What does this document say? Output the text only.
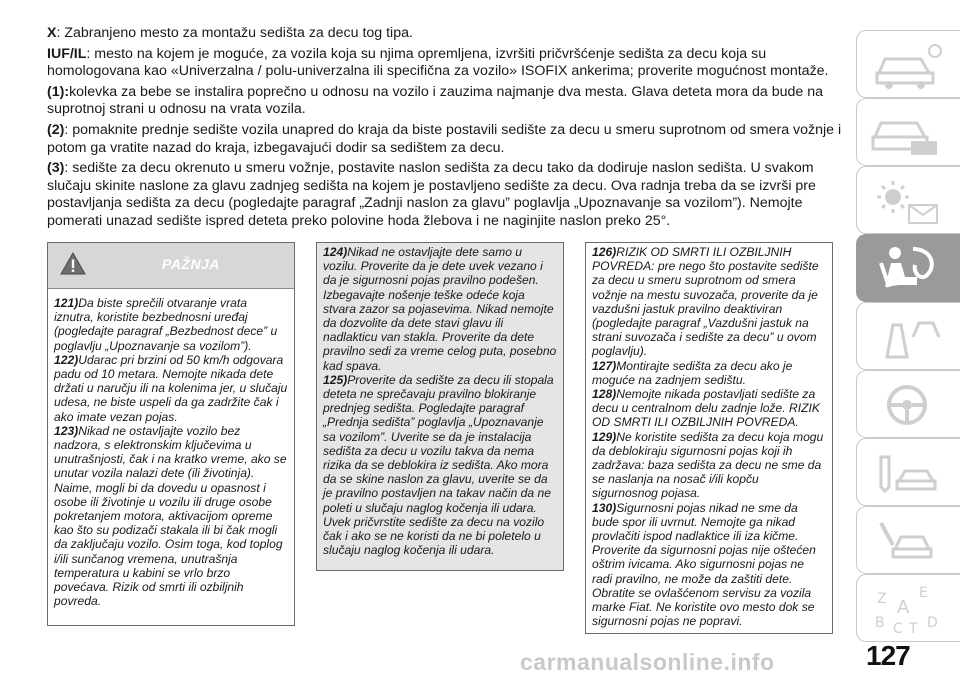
X: Zabranjeno mesto za montažu sedišta za decu tog tipa.

IUF/IL: mesto na kojem je moguće, za vozila koja su njima opremljena, izvršiti pričvršćenje sedišta za decu koja su homologovana kao «Univerzalna / polu-univerzalna ili specifična za vozilo» ISOFIX ankerima; proverite mogućnost montaže.

(1):kolevka za bebe se instalira poprečno u odnosu na vozilo i zauzima najmanje dva mesta. Glava deteta mora da bude na suprotnoj strani u odnosu na vrata vozila.

(2): pomaknite prednje sedište vozila unapred do kraja da biste postavili sedište za decu u smeru suprotnom od smera vožnje i potom ga vratite nazad do kraja, izbegavajući dodir sa sedištem za decu.

(3): sedište za decu okrenuto u smeru vožnje, postavite naslon sedišta za decu tako da dodiruje naslon sedišta. U svakom slučaju skinite naslone za glavu zadnjeg sedišta na kojem je postavljeno sedište za decu. Ova radnja treba da se izvrši pre postavljanja sedišta za decu (pogledajte paragraf „Zadnji naslon za glavu” poglavlja „Upoznavanje sa vozilom”). Nemojte pomerati unazad sedište ispred deteta preko polovine hoda žlebova i ne naginjite naslon preko 25°.

PAŽNJA

121)Da biste sprečili otvaranje vrata iznutra, koristite bezbednosni uređaj (pogledajte paragraf „Bezbednost dece” u poglavlju „Upoznavanje sa vozilom”).

122)Udarac pri brzini od 50 km/h odgovara padu od 10 metara. Nemojte nikada dete držati u naručju ili na kolenima jer, u slučaju udesa, ne biste uspeli da ga zadržite čak i ako imate vezan pojas.

123)Nikad ne ostavljajte vozilo bez nadzora, s elektronskim ključevima u unutrašnjosti, čak i na kratko vreme, ako se unutar vozila nalazi dete (ili životinja). Naime, mogli bi da dovedu u opasnost i osobe ili životinje u vozilu ili druge osobe pokretanjem motora, aktivacijom opreme kao što su podizači stakala ili bi čak mogli da zaključaju vozilo. Osim toga, kod toplog i/ili sunčanog vremena, unutrašnja temperatura u kabini se vrlo brzo povećava. Rizik od smrti ili ozbiljnih povreda.

124)Nikad ne ostavljajte dete samo u vozilu. Proverite da je dete uvek vezano i da je sigurnosni pojas pravilno podešen. Izbegavajte nošenje teške odeće koja stvara zazor sa pojasevima. Nikad nemojte da dozvolite da dete stavi glavu ili nadlakticu van stakla. Proverite da dete pravilno sedi za vreme celog puta, posebno kad spava.

125)Proverite da sedište za decu ili stopala deteta ne sprečavaju pravilno blokiranje prednjeg sedišta. Pogledajte paragraf „Prednja sedišta” poglavlja „Upoznavanje sa vozilom”. Uverite se da je instalacija sedišta za decu u vozilu takva da nema rizika da se deblokira iz sedišta. Ako mora da se skine naslon za glavu, uverite se da je pravilno postavljen na takav način da ne poleti u slučaju naglog kočenja ili udara. Uvek pričvrstite sedište za decu na vozilo čak i ako se ne koristi da ne bi poletelo u slučaju naglog kočenja ili udara.

126)RIZIK OD SMRTI ILI OZBILJNIH POVREDA: pre nego što postavite sedište za decu u smeru suprotnom od smera vožnje na mestu suvozača, proverite da je vazdušni jastuk pravilno deaktiviran (pogledajte paragraf „Vazdušni jastuk na strani suvozača i sedište za decu” u ovom poglavlju).

127)Montirajte sedišta za decu ako je moguće na zadnjem sedištu.

128)Nemojte nikada postavljati sedište za decu u centralnom delu zadnje lože. RIZIK OD SMRTI ILI OZBILJNIH POVREDA.

129)Ne koristite sedišta za decu koja mogu da deblokiraju sigurnosni pojas koji ih zadržava: baza sedišta za decu ne sme da se naslanja na nosač i/ili kopču sigurnosnog pojasa.

130)Sigurnosni pojas nikad ne sme da bude spor ili uvrnut. Nemojte ga nikad provlačiti ispod nadlaktice ili iza kičme. Proverite da sigurnosni pojas nije oštećen oštrim ivicama. Ako sigurnosni pojas ne radi pravilno, ne može da zaštiti dete. Obratite se ovlašćenom servisu za vozila marke Fiat. Ne koristite ovo mesto dok se sigurnosni pojas ne popravi.

Z E
A
B C T D
carmanualsonline.info	127
